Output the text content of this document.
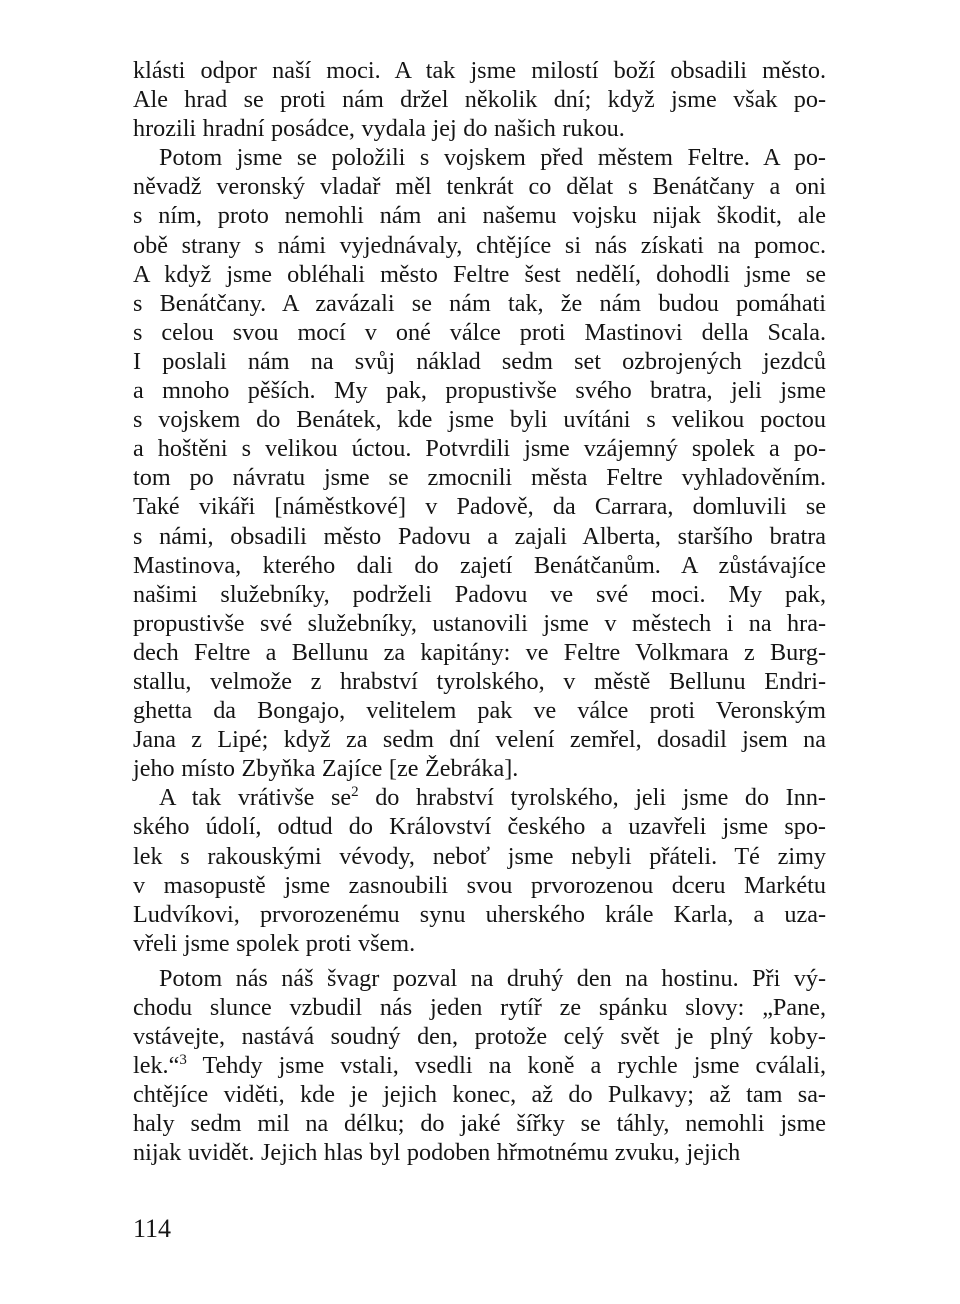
klásti odpor naší moci. A tak jsme milostí boží obsadili město.
Ale hrad se proti nám držel několik dní; když jsme však po-
hrozili hradní posádce, vydala jej do našich rukou.
Potom jsme se položili s vojskem před městem Feltre. A po-
něvadž veronský vladař měl tenkrát co dělat s Benátčany a oni
s ním, proto nemohli nám ani našemu vojsku nijak škodit, ale
obě strany s námi vyjednávaly, chtějíce si nás získati na pomoc.
A když jsme obléhali město Feltre šest nedělí, dohodli jsme se
s Benátčany. A zavázali se nám tak, že nám budou pomáhati
s celou svou mocí v oné válce proti Mastinovi della Scala.
I poslali nám na svůj náklad sedm set ozbrojených jezdců
a mnoho pěších. My pak, propustivše svého bratra, jeli jsme
s vojskem do Benátek, kde jsme byli uvítáni s velikou poctou
a hoštěni s velikou úctou. Potvrdili jsme vzájemný spolek a po-
tom po návratu jsme se zmocnili města Feltre vyhladověním.
Také vikáři [náměstkové] v Padově, da Carrara, domluvili se
s námi, obsadili město Padovu a zajali Alberta, staršího bratra
Mastinova, kterého dali do zajetí Benátčanům. A zůstávajíce
našimi služebníky, podrželi Padovu ve své moci. My pak,
propustivše své služebníky, ustanovili jsme v městech i na hra-
dech Feltre a Bellunu za kapitány: ve Feltre Volkmara z Burg-
stallu, velmože z hrabství tyrolského, v městě Bellunu Endri-
ghetta da Bongajo, velitelem pak ve válce proti Veronským
Jana z Lipé; když za sedm dní velení zemřel, dosadil jsem na
jeho místo Zbyňka Zajíce [ze Žebráka].
A tak vrátivše se$^2$ do hrabství tyrolského, jeli jsme do Inn-
ského údolí, odtud do Království českého a uzavřeli jsme spo-
lek s rakouskými vévody, neboť jsme nebyli přáteli. Té zimy
v masopustě jsme zasnoubili svou prvorozenou dceru Markétu
Ludvíkovi, prvorozenému synu uherského krále Karla, a uza-
vřeli jsme spolek proti všem.
Potom nás náš švagr pozval na druhý den na hostinu. Při vý-
chodu slunce vzbudil nás jeden rytíř ze spánku slovy: „Pane,
vstávejte, nastává soudný den, protože celý svět je plný koby-
lek.“$^3$ Tehdy jsme vstali, vsedli na koně a rychle jsme cválali,
chtějíce viděti, kde je jejich konec, až do Pulkavy; až tam sa-
haly sedm mil na délku; do jaké šířky se táhly, nemohli jsme
nijak uvidět. Jejich hlas byl podoben hřmotnému zvuku, jejich
114
